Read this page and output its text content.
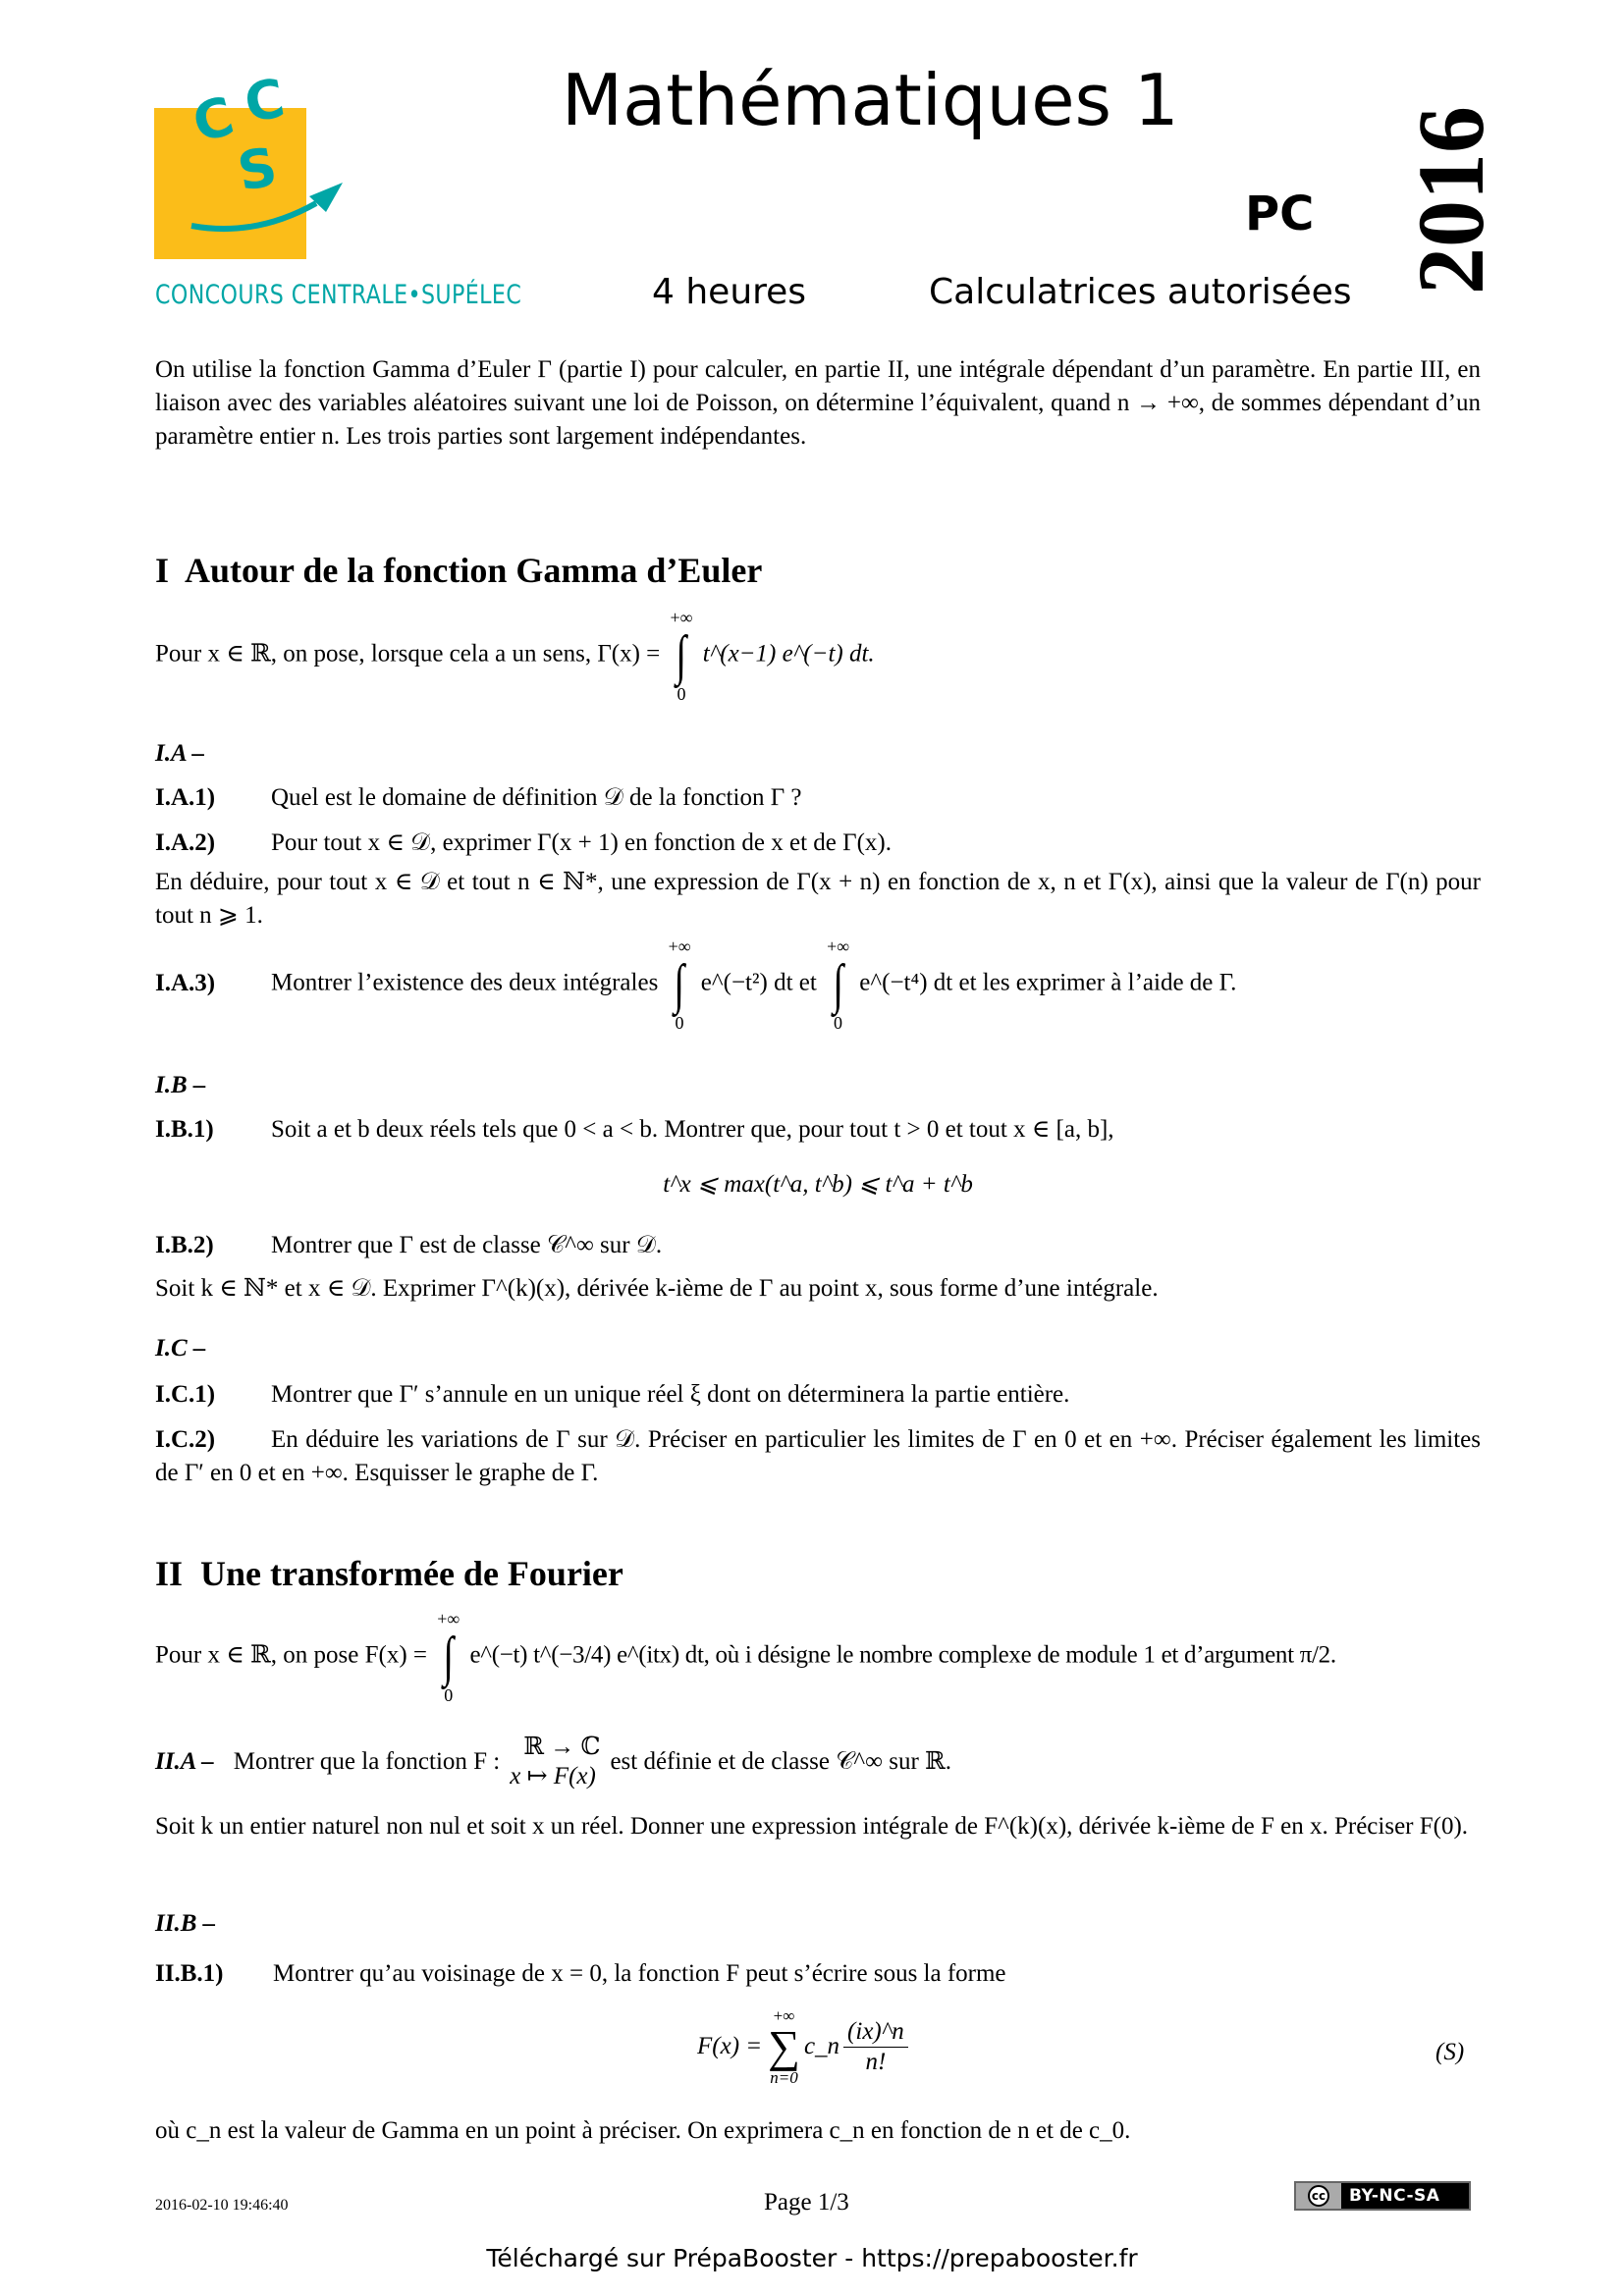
C C
S
CONCOURS CENTRALE•SUPÉLEC
Mathématiques 1
PC
4 heures	Calculatrices autorisées 2016
On utilise la fonction Gamma d’Euler Γ (partie I) pour calculer, en partie II, une intégrale dépendant d’un paramètre. En partie III, en liaison avec des variables aléatoires suivant une loi de Poisson, on détermine l’équivalent, quand n → +∞, de sommes dépendant d’un paramètre entier n. Les trois parties sont largement indépendantes.
I  Autour de la fonction Gamma d’Euler
Pour x ∈ ℝ, on pose, lorsque cela a un sens, Γ(x) =
+∞
∫
0
t^(x−1) e^(−t) dt.
I.A –
I.A.1) Quel est le domaine de définition 𝒟 de la fonction Γ ?
I.A.2) Pour tout x ∈ 𝒟, exprimer Γ(x + 1) en fonction de x et de Γ(x).
En déduire, pour tout x ∈ 𝒟 et tout n ∈ ℕ*, une expression de Γ(x + n) en fonction de x, n et Γ(x), ainsi que la valeur de Γ(n) pour tout n ⩾ 1.
I.A.3) Montrer l’existence des deux intégrales
+∞
∫
0
e^(−t²) dt et
+∞
∫
0
e^(−t⁴) dt et les exprimer à l’aide de Γ.
I.B –
I.B.1) Soit a et b deux réels tels que 0 < a < b. Montrer que, pour tout t > 0 et tout x ∈ [a, b],
t^x ⩽ max(t^a, t^b) ⩽ t^a + t^b
I.B.2) Montrer que Γ est de classe 𝒞^∞ sur 𝒟.
Soit k ∈ ℕ* et x ∈ 𝒟. Exprimer Γ^(k)(x), dérivée k-ième de Γ au point x, sous forme d’une intégrale.
I.C –
I.C.1) Montrer que Γ′ s’annule en un unique réel ξ dont on déterminera la partie entière.
I.C.2) En déduire les variations de Γ sur 𝒟. Préciser en particulier les limites de Γ en 0 et en +∞. Préciser également les limites de Γ′ en 0 et en +∞. Esquisser le graphe de Γ.
II  Une transformée de Fourier
Pour x ∈ ℝ, on pose F(x) =
+∞
∫
0
e^(−t) t^(−3/4) e^(itx) dt, où i désigne le nombre complexe de module 1 et d’argument π/2.
II.A – Montrer que la fonction F :
ℝ → ℂ
x ↦ F(x)
est définie et de classe 𝒞^∞ sur ℝ.
Soit k un entier naturel non nul et soit x un réel. Donner une expression intégrale de F^(k)(x), dérivée k-ième de F en x. Préciser F(0).
II.B –
II.B.1) Montrer qu’au voisinage de x = 0, la fonction F peut s’écrire sous la forme
F(x) =
+∞
∑
n=0
c_n $\frac{(ix)\^{}n}{n!}$	(S)
où c_n est la valeur de Gamma en un point à préciser. On exprimera c_n en fonction de n et de c_0.
2016-02-10 19:46:40	Page 1/3	cc BY-NC-SA
Téléchargé sur PrépaBooster - https://prepabooster.fr
